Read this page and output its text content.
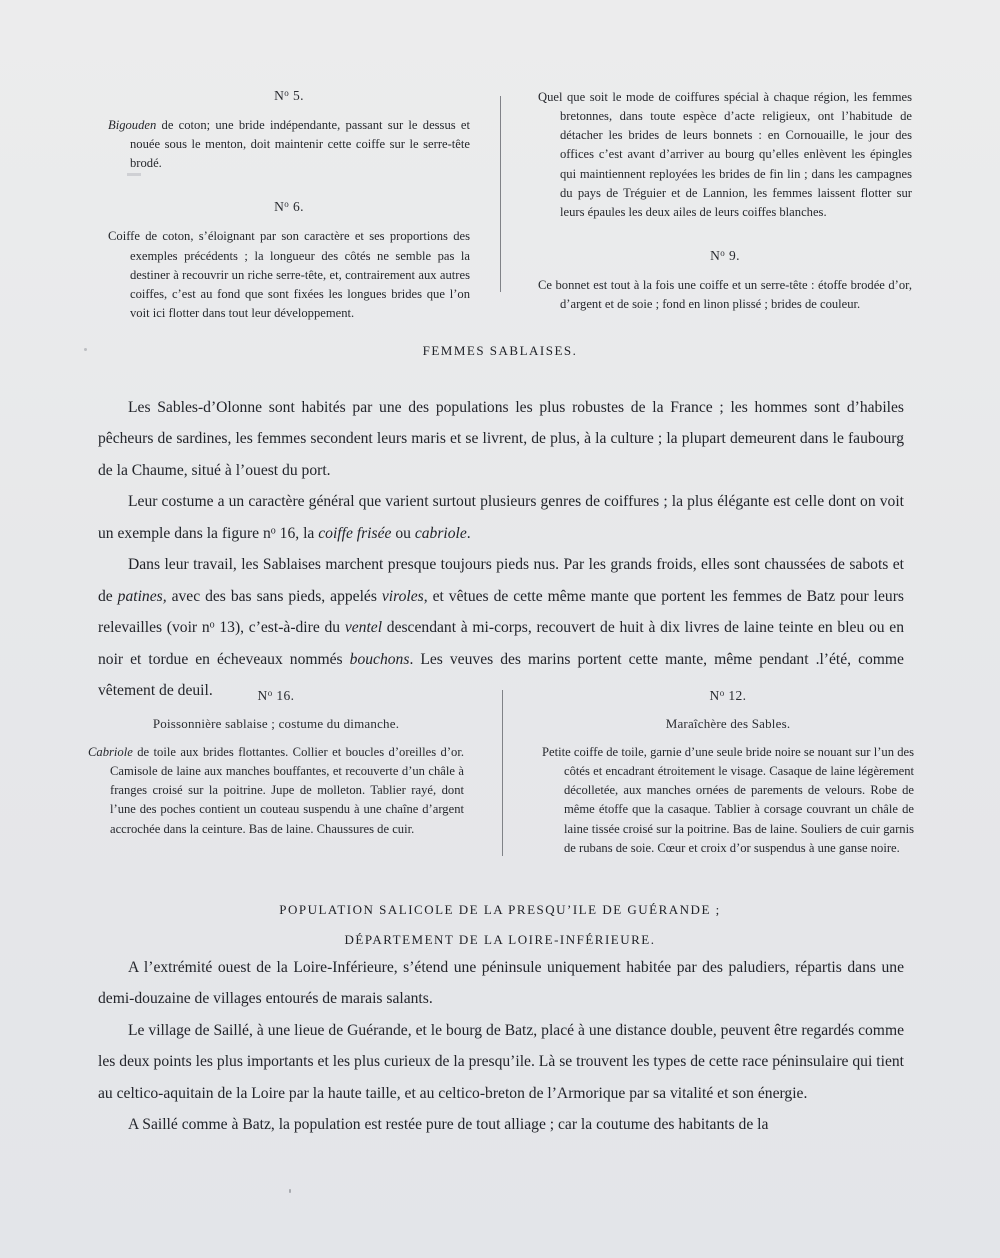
$N^o$ 5.

Bigouden de coton; une bride indépendante, passant sur le dessus et nouée sous le menton, doit maintenir cette coiffe sur le serre-tête brodé.

$N^o$ 6.

Coiffe de coton, s’éloignant par son caractère et ses proportions des exemples précédents ; la longueur des côtés ne semble pas la destiner à recouvrir un riche serre-tête, et, contrairement aux autres coiffes, c’est au fond que sont fixées les longues brides que l’on voit ici flotter dans tout leur développement.

Quel que soit le mode de coiffures spécial à chaque région, les femmes bretonnes, dans toute espèce d’acte religieux, ont l’habitude de détacher les brides de leurs bonnets : en Cornouaille, le jour des offices c’est avant d’arriver au bourg qu’elles enlèvent les épingles qui maintiennent reployées les brides de fin lin ; dans les campagnes du pays de Tréguier et de Lannion, les femmes laissent flotter sur leurs épaules les deux ailes de leurs coiffes blanches.

$N^o$ 9.

Ce bonnet est tout à la fois une coiffe et un serre-tête : étoffe brodée d’or, d’argent et de soie ; fond en linon plissé ; brides de couleur.

FEMMES SABLAISES.

Les Sables-d’Olonne sont habités par une des populations les plus robustes de la France ; les hommes sont d’habiles pêcheurs de sardines, les femmes secondent leurs maris et se livrent, de plus, à la culture ; la plupart demeurent dans le faubourg de la Chaume, situé à l’ouest du port.

Leur costume a un caractère général que varient surtout plusieurs genres de coiffures ; la plus élégante est celle dont on voit un exemple dans la figure $n^o$ 16, la coiffe frisée ou cabriole.

Dans leur travail, les Sablaises marchent presque toujours pieds nus. Par les grands froids, elles sont chaussées de sabots et de patines, avec des bas sans pieds, appelés viroles, et vêtues de cette même mante que portent les femmes de Batz pour leurs relevailles (voir $n^o$ 13), c’est-à-dire du ventel descendant à mi-corps, recouvert de huit à dix livres de laine teinte en bleu ou en noir et tordue en écheveaux nommés bouchons. Les veuves des marins portent cette mante, même pendant .l’été, comme vêtement de deuil.	$N^o$ 16.

Poissonnière sablaise ; costume du dimanche.

Cabriole de toile aux brides flottantes. Collier et boucles d’oreilles d’or. Camisole de laine aux manches bouffantes, et recouverte d’un châle à franges croisé sur la poitrine. Jupe de molleton. Tablier rayé, dont l’une des poches contient un couteau suspendu à une chaîne d’argent accrochée dans la ceinture. Bas de laine. Chaussures de cuir.

$N^o$ 12.

Maraîchère des Sables.

Petite coiffe de toile, garnie d’une seule bride noire se nouant sur l’un des côtés et encadrant étroitement le visage. Casaque de laine légèrement décolletée, aux manches ornées de parements de velours. Robe de même étoffe que la casaque. Tablier à corsage couvrant un châle de laine tissée croisé sur la poitrine. Bas de laine. Souliers de cuir garnis de rubans de soie. Cœur et croix d’or suspendus à une ganse noire.

POPULATION SALICOLE DE LA PRESQU’ILE DE GUÉRANDE ;
DÉPARTEMENT DE LA LOIRE-INFÉRIEURE.

A l’extrémité ouest de la Loire-Inférieure, s’étend une péninsule uniquement habitée par des paludiers, répartis dans une demi-douzaine de villages entourés de marais salants.

Le village de Saillé, à une lieue de Guérande, et le bourg de Batz, placé à une distance double, peuvent être regardés comme les deux points les plus importants et les plus curieux de la presqu’ile. Là se trouvent les types de cette race péninsulaire qui tient au celtico-aquitain de la Loire par la haute taille, et au celtico-breton de l’Armorique par sa vitalité et son énergie.

A Saillé comme à Batz, la population est restée pure de tout alliage ; car la coutume des habitants de la
